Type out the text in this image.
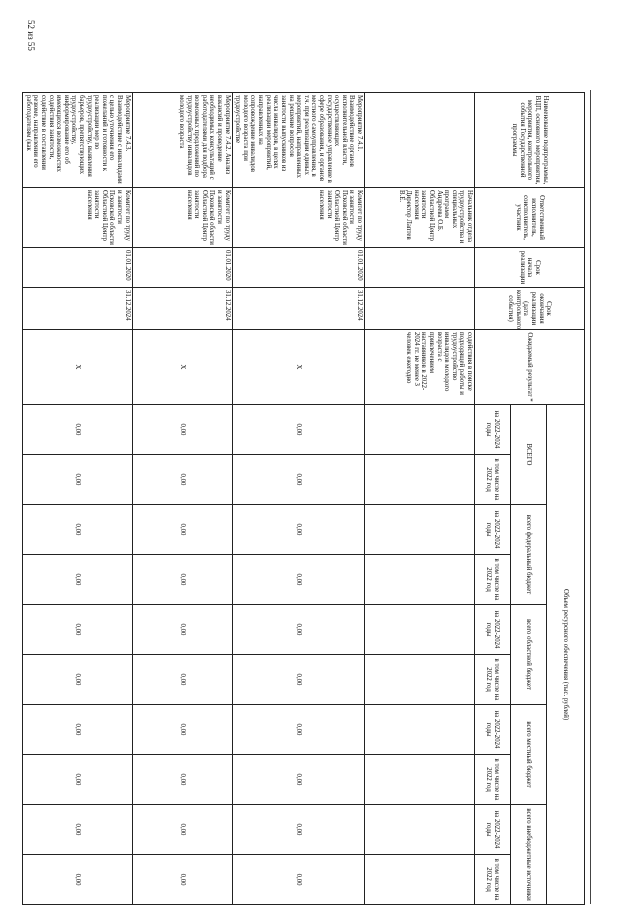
Наименование подпрограммы, ВЦП, основного мероприятия, мероприятия, контрольного события Государственной программы	Ответственный исполнитель, соисполнитель, участник	Срок начала реализации	Срок окончания реализации (дата контрольного события)	Ожидаемый результат *	Объем ресурсного обеспечения (тыс. рублей)									
					ВСЕГО		всего федеральный бюджет		всего областной бюджет		всего местный бюджет		всего внебюджетные источники	
					на 2022-2024 годы	в том числе на 2022 год	на 2022-2024 годы	в том числе на 2022 год	на 2022-2024 годы	в том числе на 2022 год	на 2022-2024 годы	в том числе на 2022 год	на 2022-2024 годы	в том числе на 2022 год
	Начальник отдела трудоустройства и специальных программ Андреева О.Б. Областной Центр занятости населения Директор Лаптев В.Е.			содействия в поиске подходящей работы и трудоустройство инвалидов молодого возраста с привлечением наставников в 2022-2024 гг. не менее 3 человек ежегодно										
Мероприятие 7.4.1. Взаимодействие органов исполнительной власти, осуществляющих государственное управление в сфере образования, и органов местного самоуправления, в т.ч. при реализации единых мероприятий, направленных на решение вопросов занятости выпускников из числа инвалидов, в целях реализации мероприятий, направленных на сопровождение инвалидов молодого возраста при трудоустройстве	Комитет по труду и занятости Псковской области Областной Центр занятости населения	01.01.2020	31.12.2024	X	0,00	0,00	0,00	0,00	0,00	0,00	0,00	0,00	0,00	0,00
Мероприятие 7.4.2. Анализ вакансий и проведение необходимых консультаций с работодателями для подбора возможных предложений по трудоустройству инвалидов молодого возраста	Комитет по труду и занятости Псковской области Областной Центр занятости населения	01.01.2020	31.12.2024	X	0,00	0,00	0,00	0,00	0,00	0,00	0,00	0,00	0,00	0,00
Мероприятие 7.4.3. Взаимодействие с инвалидами с целью уточнения его пожеланий и готовности к реализации мер по трудоустройству, выявления барьеров, препятствующих трудоустройству, информирование его об имеющихся возможностях содействия занятости, содействие в составлении резюме, направлении его работодателям (как	Комитет по труду и занятости Псковской области Областной Центр занятости населения	01.01.2020	31.12.2024	X	0,00	0,00	0,00	0,00	0,00	0,00	0,00	0,00	0,00	0,00
52 из 55
